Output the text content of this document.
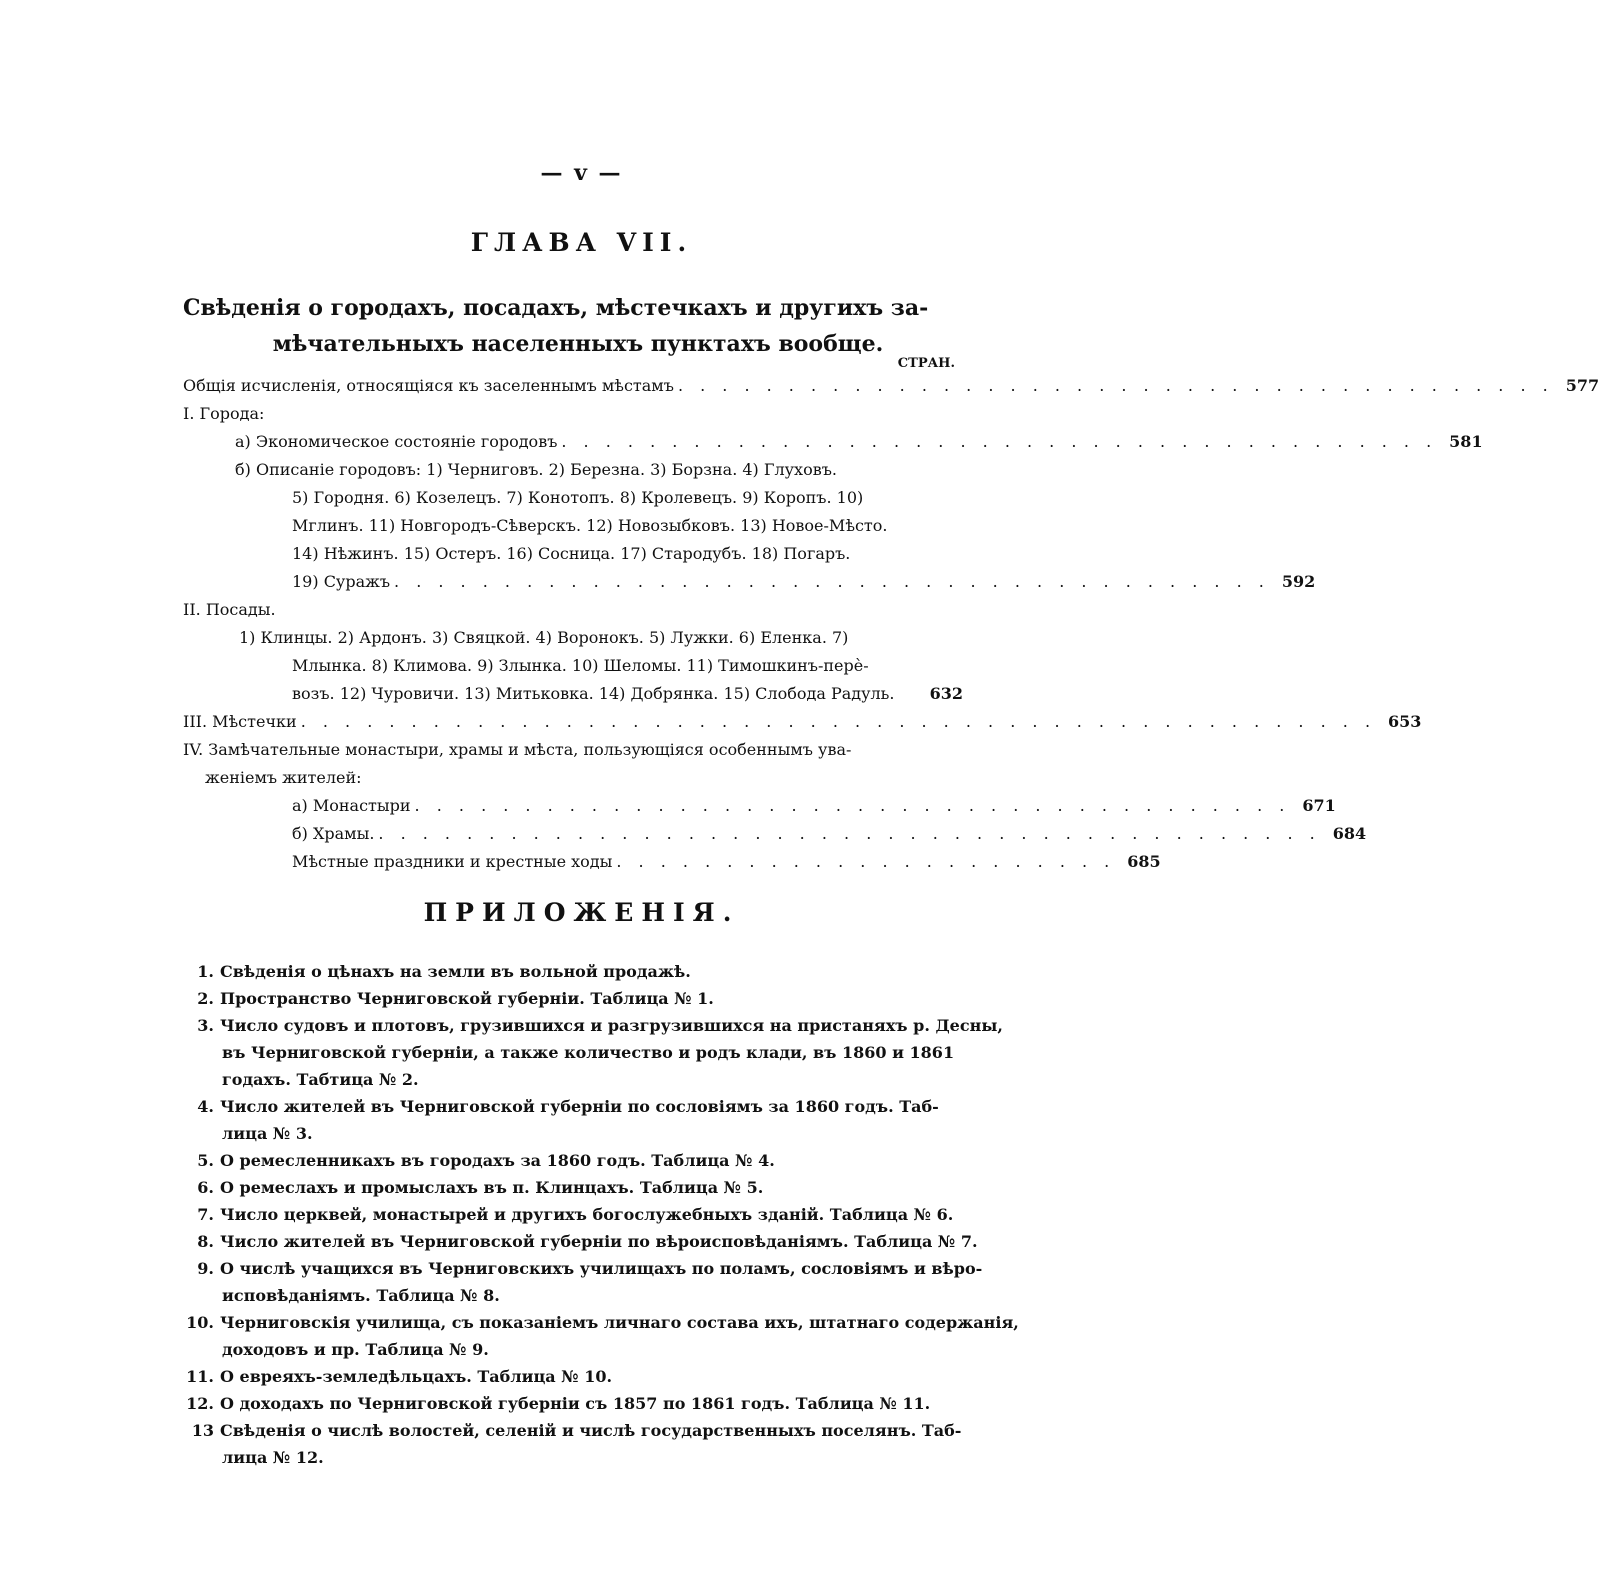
— v —
ГЛАВА VII.
Свѣденія о городахъ, посадахъ, мѣстечкахъ и другихъ за-
мѣчательныхъ населенныхъ пунктахъ вообще.
СТРАН.
Общія исчисленія, относящіяся къ заселеннымъ мѣстамъ . . . . . . . . . . . . . . . . . . . . . . . . . . . . . . . . . . . . . . . . 577
I. Города:
а) Экономическое состояніе городовъ . . . . . . . . . . . . . . . . . . . . . . . . . . . . . . . . . . . . . . . . 581
б) Описаніе городовъ: 1) Черниговъ. 2) Березна. 3) Борзна. 4) Глуховъ.
5) Городня. 6) Козелецъ. 7) Конотопъ. 8) Кролевецъ. 9) Коропъ. 10)
Мглинъ. 11) Новгородъ-Сѣверскъ. 12) Новозыбковъ. 13) Новое-Мѣсто.
14) Нѣжинъ. 15) Остеръ. 16) Сосница. 17) Стародубъ. 18) Погаръ.
19) Суражъ . . . . . . . . . . . . . . . . . . . . . . . . . . . . . . . . . . . . . . . . 592
II. Посады.
1) Клинцы. 2) Ардонъ. 3) Свяцкой. 4) Воронокъ. 5) Лужки. 6) Еленка. 7)
Млынка. 8) Климова. 9) Злынка. 10) Шеломы. 11) Тимошкинъ-перѐ-
возъ. 12) Чуровичи. 13) Митьковка. 14) Добрянка. 15) Слобода Радуль.	632
III. Мѣстечки . . . . . . . . . . . . . . . . . . . . . . . . . . . . . . . . . . . . . . . . . . . . . . . . . 653
IV. Замѣчательные монастыри, храмы и мѣста, пользующіяся особеннымъ ува-
женіемъ жителей:
а) Монастыри . . . . . . . . . . . . . . . . . . . . . . . . . . . . . . . . . . . . . . . . 671
б) Храмы. . . . . . . . . . . . . . . . . . . . . . . . . . . . . . . . . . . . . . . . . . . . 684
Мѣстные праздники и крестные ходы . . . . . . . . . . . . . . . . . . . . . . . 685
ПРИЛОЖЕНІЯ.
1. Свѣденія о цѣнахъ на земли въ вольной продажѣ.
2. Пространство Черниговской губерніи. Таблица № 1.
3. Число судовъ и плотовъ, грузившихся и разгрузившихся на пристаняхъ р. Десны,
въ Черниговской губерніи, а также количество и родъ клади, въ 1860 и 1861
годахъ. Табтица № 2.
4. Число жителей въ Черниговской губерніи по сословіямъ за 1860 годъ. Таб-
лица № 3.
5. О ремесленникахъ въ городахъ за 1860 годъ. Таблица № 4.
6. О ремеслахъ и промыслахъ въ п. Клинцахъ. Таблица № 5.
7. Число церквей, монастырей и другихъ богослужебныхъ зданій. Таблица № 6.
8. Число жителей въ Черниговской губерніи по вѣроисповѣданіямъ. Таблица № 7.
9. О числѣ учащихся въ Черниговскихъ училищахъ по поламъ, сословіямъ и вѣро-
исповѣданіямъ. Таблица № 8.
10. Черниговскія училища, съ показаніемъ личнаго состава ихъ, штатнаго содержанія,
доходовъ и пр. Таблица № 9.
11. О евреяхъ-земледѣльцахъ. Таблица № 10.
12. О доходахъ по Черниговской губерніи съ 1857 по 1861 годъ. Таблица № 11.
13 Свѣденія о числѣ волостей, селеній и числѣ государственныхъ поселянъ. Таб-
лица № 12.
